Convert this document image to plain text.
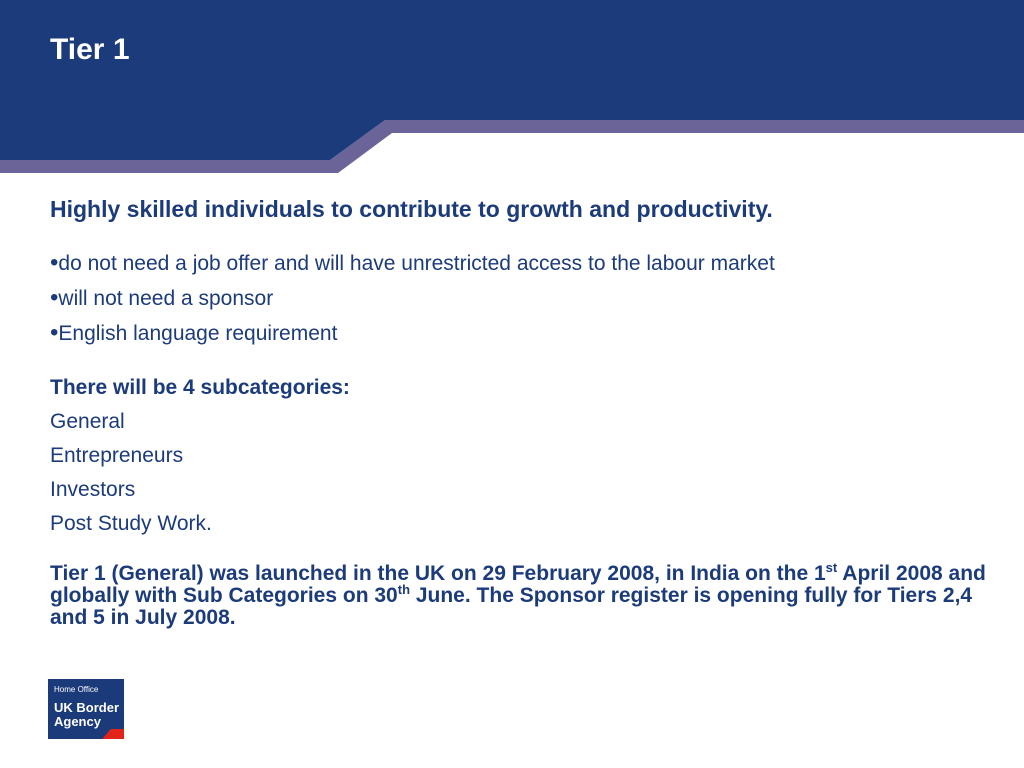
Tier 1

Highly skilled individuals to contribute to growth and productivity.

•do not need a job offer and will have unrestricted access to the labour market
•will not need a sponsor
•English language requirement

There will be 4 subcategories:

General
Entrepreneurs
Investors
Post Study Work.

Tier 1 (General) was launched in the UK on 29 February 2008, in India on the 1st April 2008 and globally with Sub Categories on 30th June. The Sponsor register is opening fully for Tiers 2,4 and 5 in July 2008.

Home Office
UK Border
Agency
